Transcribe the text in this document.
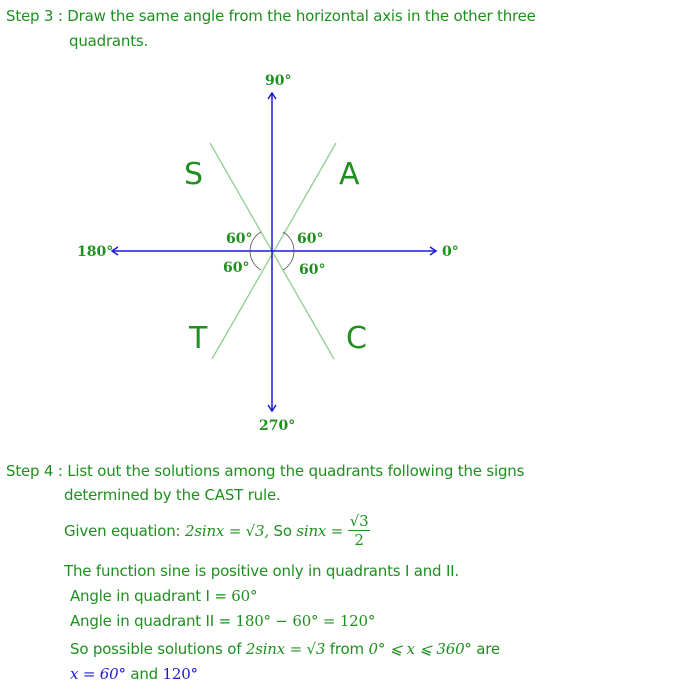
Step 3 : Draw the same angle from the horizontal axis in the other three
quadrants.
90°
270°
180°	0°
S	A
T	C
60°	60°
60°	60°
Step 4 : List out the solutions among the quadrants following the signs
determined by the CAST rule.
Given equation:
2sinx = √3, So sinx =
$\frac{√3}{2}$
The function sine is positive only in quadrants I and II.
Angle in quadrant I = 60°
Angle in quadrant II = 180° − 60° = 120°
So possible solutions of 2sinx = √3 from 0° ⩽ x ⩽ 360° are
x = 60° and 120°
